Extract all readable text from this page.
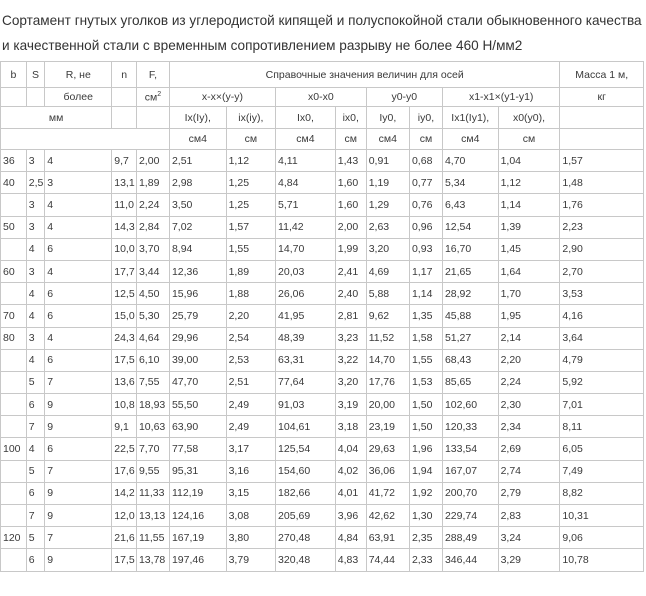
Сортамент гнутых уголков из углеродистой кипящей и полуспокойной стали обыкновенного качества и качественной стали с временным сопротивлением разрыву не более 460 Н/мм2
b	S	R, не	n	F,	Справочные значения величин для осей								Масса 1 м,
		более		$см^2$	x-x×(y-y)		x0-x0		y0-y0		x1-x1×(y1-y1)		кг
мм					Ix(Iy),	ix(iy),	Ix0,	ix0,	Iy0,	iy0,	Ix1(Iy1),	x0(y0),	
					см4	см	см4	см	см4	см	см4	см	
36	3	4	9,7	2,00	2,51	1,12	4,11	1,43	0,91	0,68	4,70	1,04	1,57
40	2,5	3	13,1	1,89	2,98	1,25	4,84	1,60	1,19	0,77	5,34	1,12	1,48
	3	4	11,0	2,24	3,50	1,25	5,71	1,60	1,29	0,76	6,43	1,14	1,76
50	3	4	14,3	2,84	7,02	1,57	11,42	2,00	2,63	0,96	12,54	1,39	2,23
	4	6	10,0	3,70	8,94	1,55	14,70	1,99	3,20	0,93	16,70	1,45	2,90
60	3	4	17,7	3,44	12,36	1,89	20,03	2,41	4,69	1,17	21,65	1,64	2,70
	4	6	12,5	4,50	15,96	1,88	26,06	2,40	5,88	1,14	28,92	1,70	3,53
70	4	6	15,0	5,30	25,79	2,20	41,95	2,81	9,62	1,35	45,88	1,95	4,16
80	3	4	24,3	4,64	29,96	2,54	48,39	3,23	11,52	1,58	51,27	2,14	3,64
	4	6	17,5	6,10	39,00	2,53	63,31	3,22	14,70	1,55	68,43	2,20	4,79
	5	7	13,6	7,55	47,70	2,51	77,64	3,20	17,76	1,53	85,65	2,24	5,92
	6	9	10,8	18,93	55,50	2,49	91,03	3,19	20,00	1,50	102,60	2,30	7,01
	7	9	9,1	10,63	63,90	2,49	104,61	3,18	23,19	1,50	120,33	2,34	8,11
100	4	6	22,5	7,70	77,58	3,17	125,54	4,04	29,63	1,96	133,54	2,69	6,05
	5	7	17,6	9,55	95,31	3,16	154,60	4,02	36,06	1,94	167,07	2,74	7,49
	6	9	14,2	11,33	112,19	3,15	182,66	4,01	41,72	1,92	200,70	2,79	8,82
	7	9	12,0	13,13	124,16	3,08	205,69	3,96	42,62	1,30	229,74	2,83	10,31
120	5	7	21,6	11,55	167,19	3,80	270,48	4,84	63,91	2,35	288,49	3,24	9,06
	6	9	17,5	13,78	197,46	3,79	320,48	4,83	74,44	2,33	346,44	3,29	10,78
